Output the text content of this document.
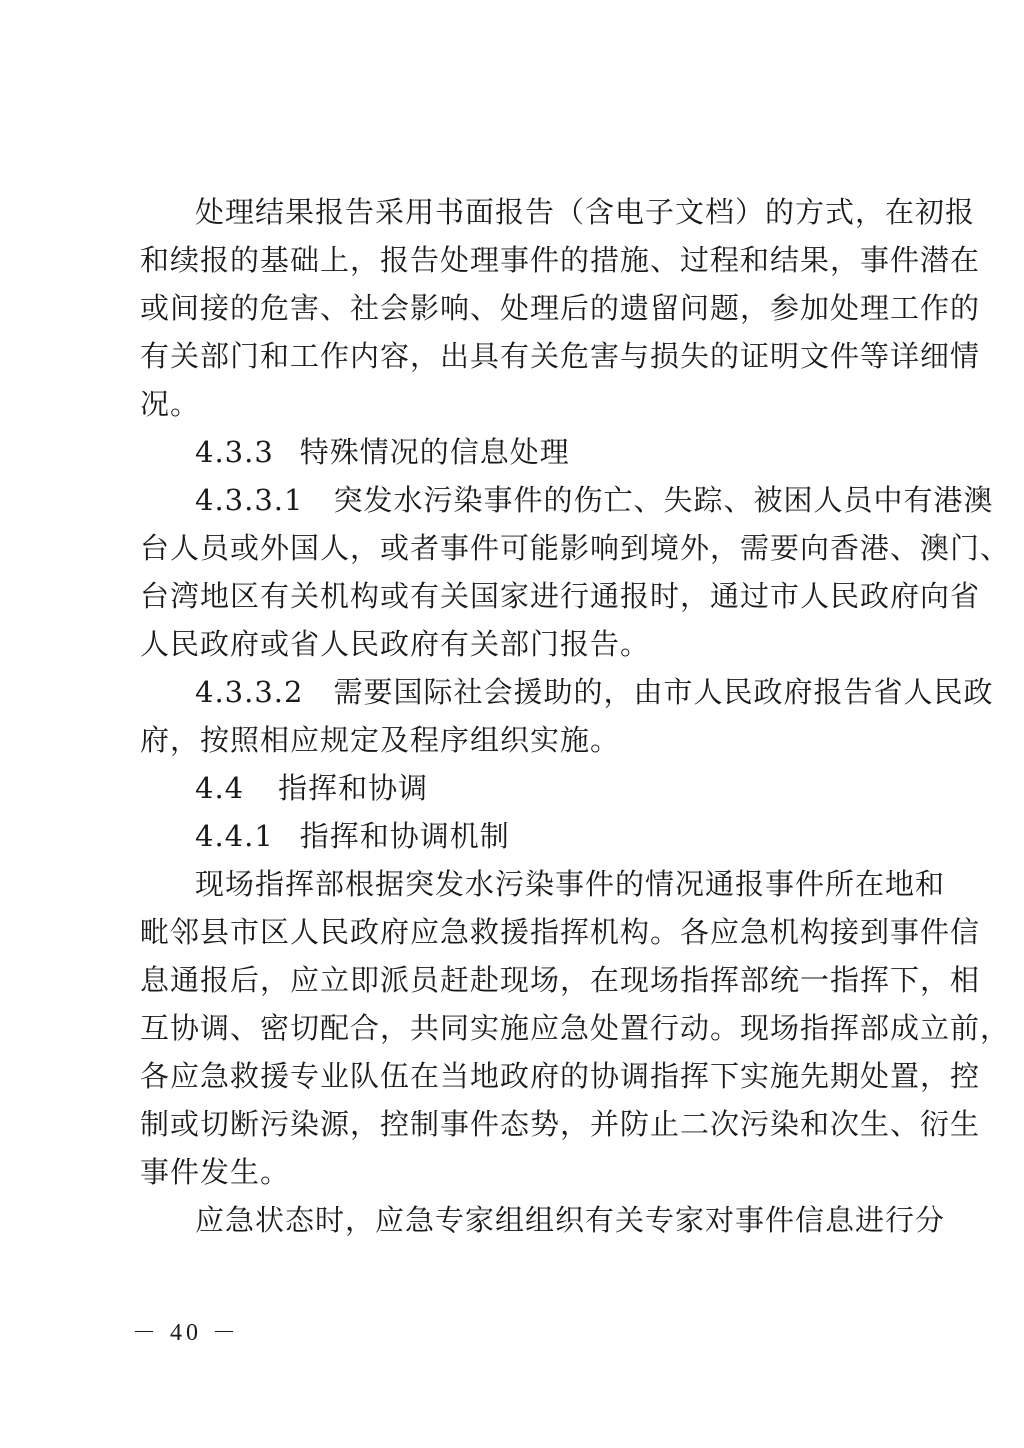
处理结果报告采用书面报告（含电子文档）的方式，在初报
和续报的基础上，报告处理事件的措施、过程和结果，事件潜在
或间接的危害、社会影响、处理后的遗留问题，参加处理工作的
有关部门和工作内容，出具有关危害与损失的证明文件等详细情
况。
4.3.3 特殊情况的信息处理
4.3.3.1　突发水污染事件的伤亡、失踪、被困人员中有港澳
台人员或外国人，或者事件可能影响到境外，需要向香港、澳门、
台湾地区有关机构或有关国家进行通报时，通过市人民政府向省
人民政府或省人民政府有关部门报告。
4.3.3.2　需要国际社会援助的，由市人民政府报告省人民政
府，按照相应规定及程序组织实施。
4.4 指挥和协调
4.4.1 指挥和协调机制
现场指挥部根据突发水污染事件的情况通报事件所在地和
毗邻县市区人民政府应急救援指挥机构。各应急机构接到事件信
息通报后，应立即派员赶赴现场，在现场指挥部统一指挥下，相
互协调、密切配合，共同实施应急处置行动。现场指挥部成立前，
各应急救援专业队伍在当地政府的协调指挥下实施先期处置，控
制或切断污染源，控制事件态势，并防止二次污染和次生、衍生
事件发生。
应急状态时，应急专家组组织有关专家对事件信息进行分
－ 40 －
